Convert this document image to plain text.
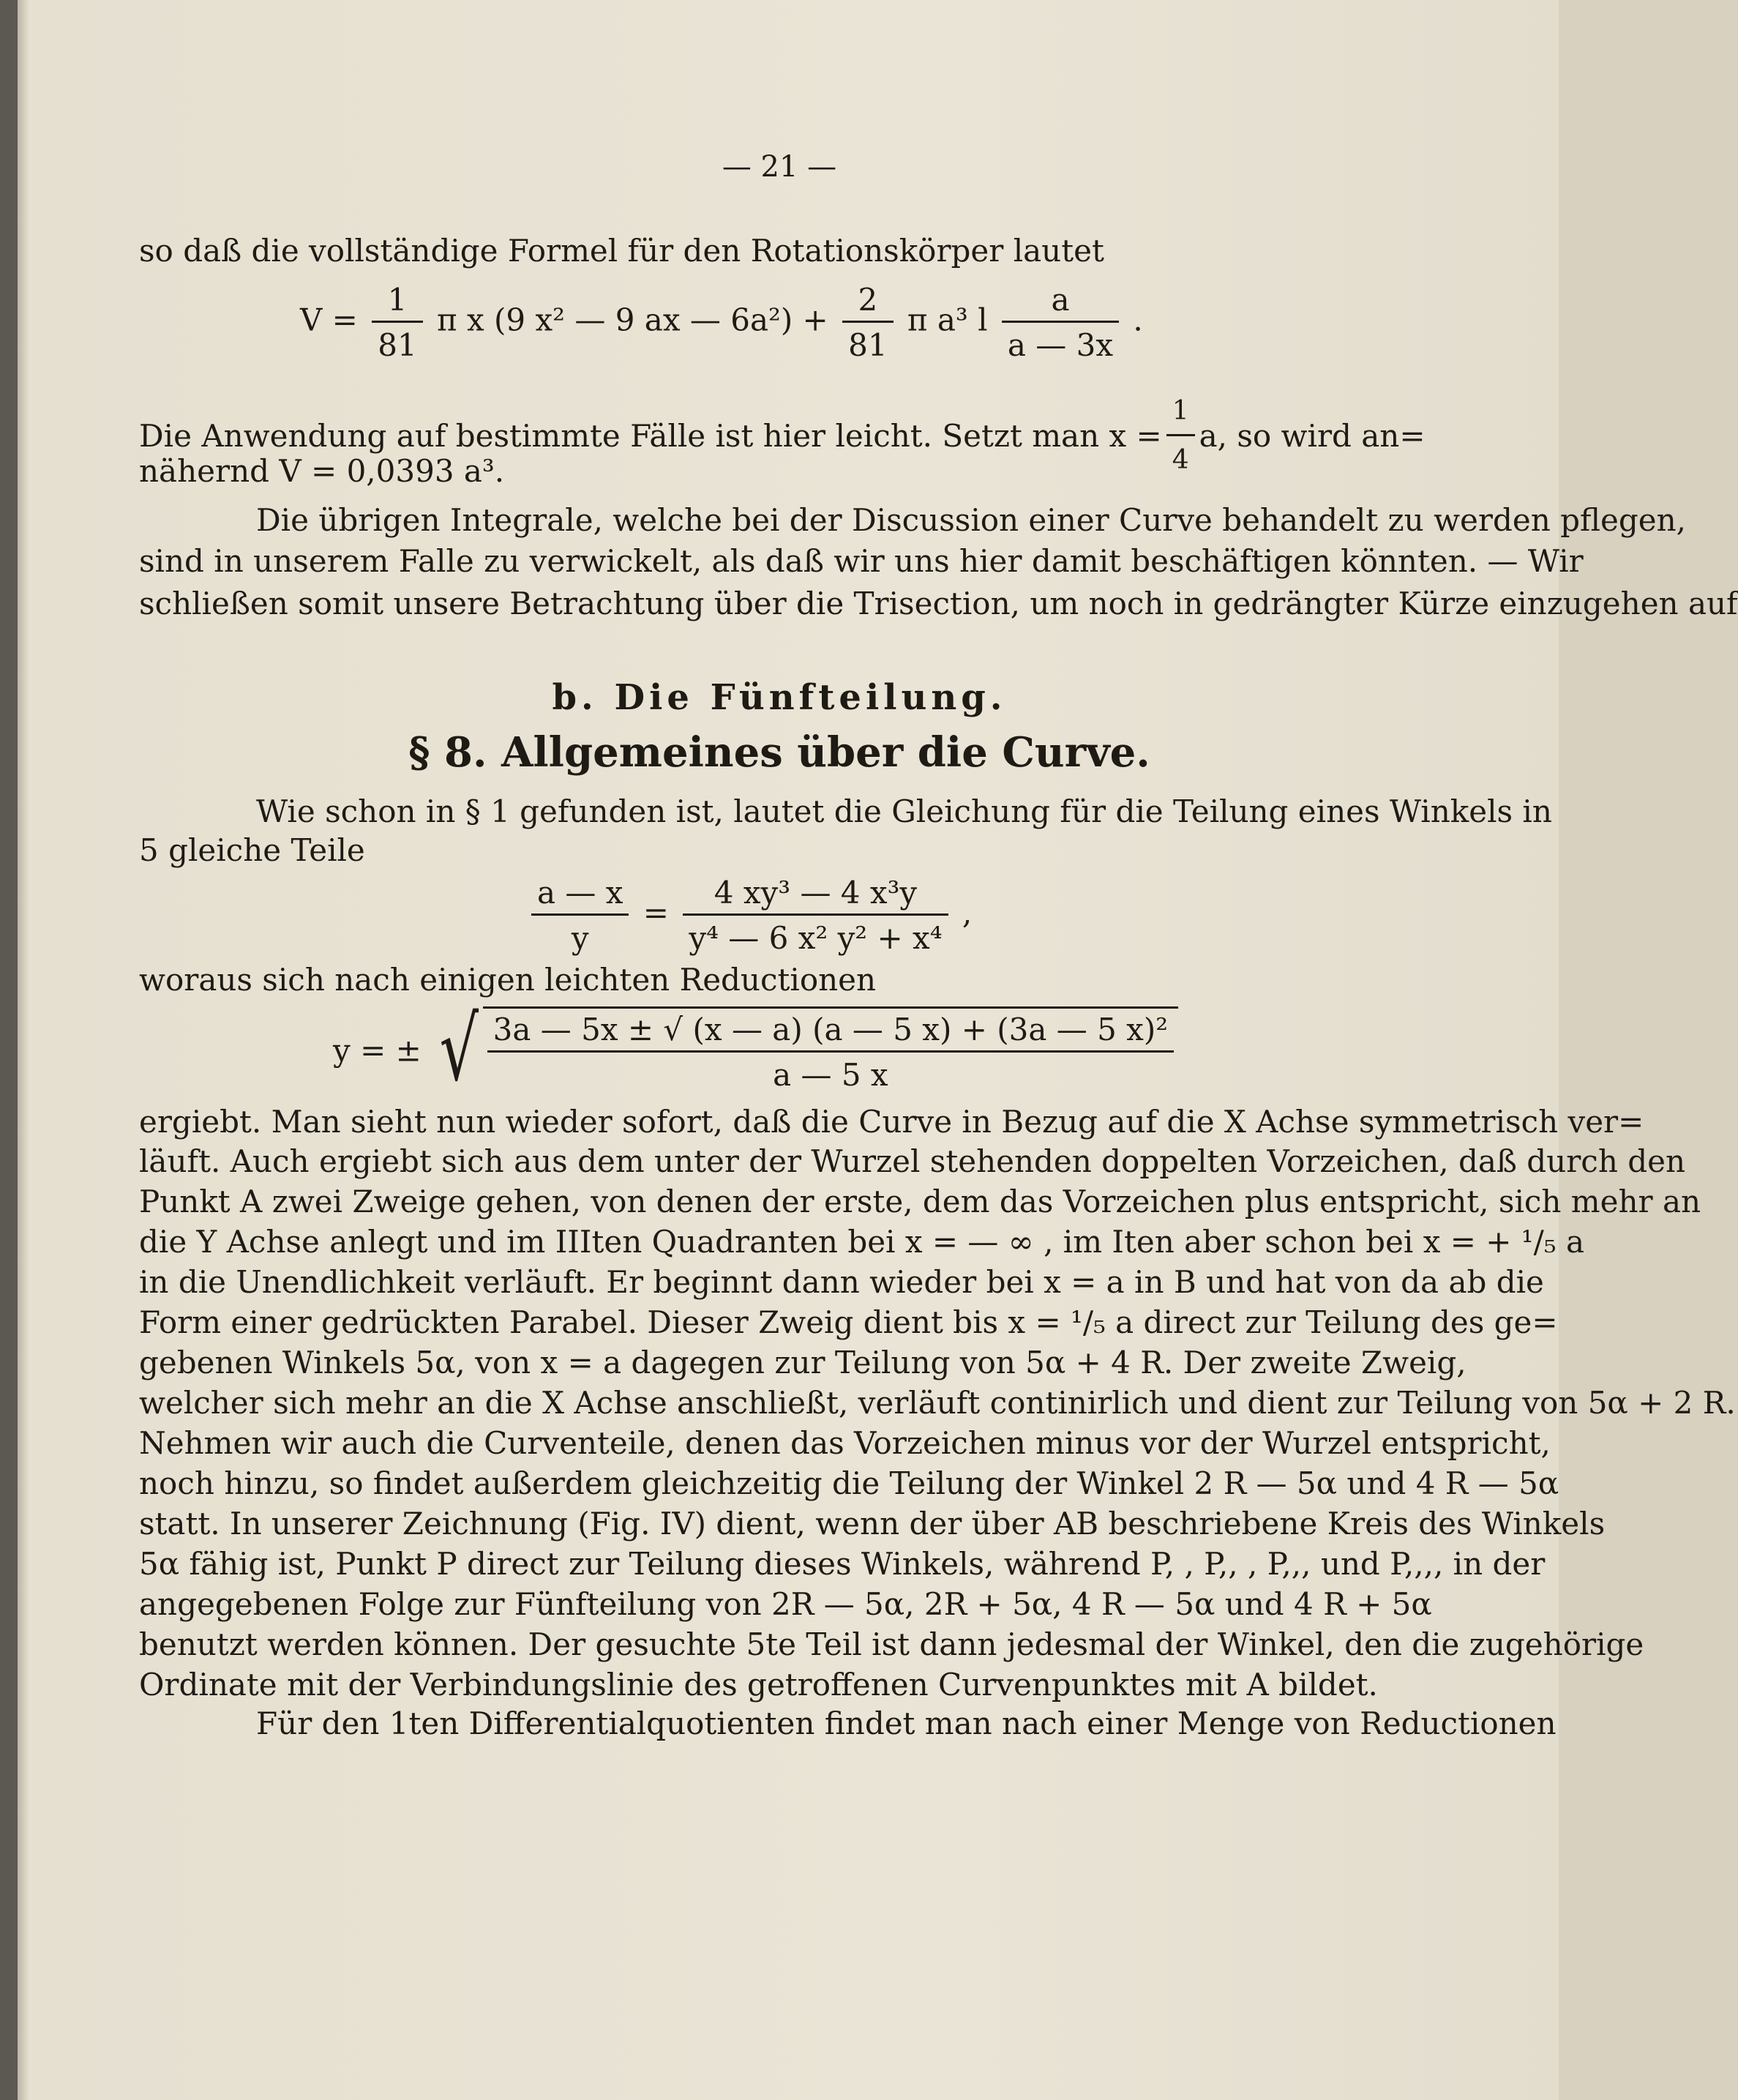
— 21 —
so daß die vollständige Formel für den Rotationskörper lautet
$V = \frac{1}{81}$ π x (9 x² — 9 ax — $6a^2) + \frac{2}{81}$ π a³ l $\frac{a}{a — 3x}$ .
Die Anwendung auf bestimmte Fälle ist hier leicht. Setzt man $x = \frac{1}{4} a$, so wird an=
nähernd V = 0,0393 a³.
Die übrigen Integrale, welche bei der Discussion einer Curve behandelt zu werden pflegen,
sind in unserem Falle zu verwickelt, als daß wir uns hier damit beschäftigen könnten. — Wir
schließen somit unsere Betrachtung über die Trisection, um noch in gedrängter Kürze einzugehen auf
b. Die Fünfteilung.
§ 8. Allgemeines über die Curve.
Wie schon in § 1 gefunden ist, lautet die Gleichung für die Teilung eines Winkels in
5 gleiche Teile
$\frac{a — x}{y} = \frac{\text{4 xy³ — 4 x³y}}{\text{y⁴ — 6 x² y² + x⁴}}$ ,
woraus sich nach einigen leichten Reductionen
y = ± √ $\frac{\text{3a — 5x ± √ (x — a) (a — 5 x) + (3a — 5 x)²}}{a — 5 x}$
ergiebt. Man sieht nun wieder sofort, daß die Curve in Bezug auf die X Achse symmetrisch ver=
läuft. Auch ergiebt sich aus dem unter der Wurzel stehenden doppelten Vorzeichen, daß durch den
Punkt A zwei Zweige gehen, von denen der erste, dem das Vorzeichen plus entspricht, sich mehr an
die Y Achse anlegt und im IIIten Quadranten bei x = — ∞ , im Iten aber schon bei x = + ¹/₅ a
in die Unendlichkeit verläuft. Er beginnt dann wieder bei x = a in B und hat von da ab die
Form einer gedrückten Parabel. Dieser Zweig dient bis x = ¹/₅ a direct zur Teilung des ge=
gebenen Winkels 5α, von x = a dagegen zur Teilung von 5α + 4 R. Der zweite Zweig,
welcher sich mehr an die X Achse anschließt, verläuft continirlich und dient zur Teilung von 5α + 2 R.
Nehmen wir auch die Curventeile, denen das Vorzeichen minus vor der Wurzel entspricht,
noch hinzu, so findet außerdem gleichzeitig die Teilung der Winkel 2 R — 5α und 4 R — 5α
statt. In unserer Zeichnung (Fig. IV) dient, wenn der über AB beschriebene Kreis des Winkels
5α fähig ist, Punkt P direct zur Teilung dieses Winkels, während P, , P,, , P,,, und P,,,, in der
angegebenen Folge zur Fünfteilung von 2R — 5α, 2R + 5α, 4 R — 5α und 4 R + 5α
benutzt werden können. Der gesuchte 5te Teil ist dann jedesmal der Winkel, den die zugehörige
Ordinate mit der Verbindungslinie des getroffenen Curvenpunktes mit A bildet.
Für den 1ten Differentialquotienten findet man nach einer Menge von Reductionen
